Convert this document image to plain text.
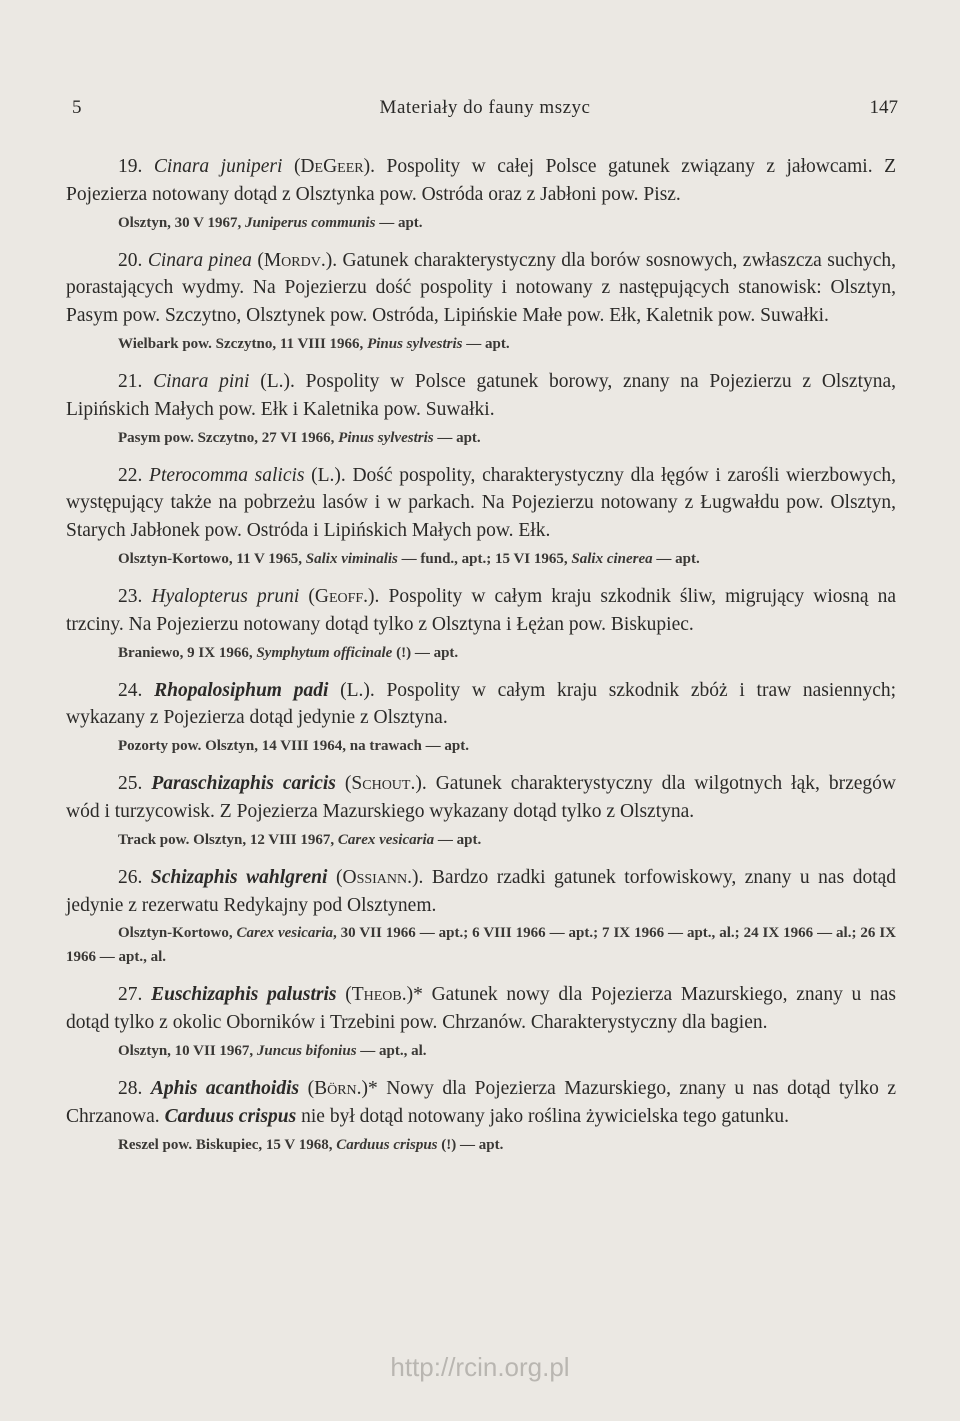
5	Materiały do fauny mszyc	147

19. Cinara juniperi (DeGeer). Pospolity w całej Polsce gatunek związany z jałowcami. Z Pojezierza notowany dotąd z Olsztynka pow. Ostróda oraz z Jabłoni pow. Pisz.

Olsztyn, 30 V 1967, Juniperus communis — apt.

20. Cinara pinea (Mordv.). Gatunek charakterystyczny dla borów sosnowych, zwłaszcza suchych, porastających wydmy. Na Pojezierzu dość pospolity i notowany z następujących stanowisk: Olsztyn, Pasym pow. Szczytno, Olsztynek pow. Ostróda, Lipińskie Małe pow. Ełk, Kaletnik pow. Suwałki.

Wielbark pow. Szczytno, 11 VIII 1966, Pinus sylvestris — apt.

21. Cinara pini (L.). Pospolity w Polsce gatunek borowy, znany na Pojezierzu z Olsztyna, Lipińskich Małych pow. Ełk i Kaletnika pow. Suwałki.

Pasym pow. Szczytno, 27 VI 1966, Pinus sylvestris — apt.

22. Pterocomma salicis (L.). Dość pospolity, charakterystyczny dla łęgów i zarośli wierzbowych, występujący także na pobrzeżu lasów i w parkach. Na Pojezierzu notowany z Ługwałdu pow. Olsztyn, Starych Jabłonek pow. Ostróda i Lipińskich Małych pow. Ełk.

Olsztyn-Kortowo, 11 V 1965, Salix viminalis — fund., apt.; 15 VI 1965, Salix cinerea — apt.

23. Hyalopterus pruni (Geoff.). Pospolity w całym kraju szkodnik śliw, migrujący wiosną na trzciny. Na Pojezierzu notowany dotąd tylko z Olsztyna i Łężan pow. Biskupiec.

Braniewo, 9 IX 1966, Symphytum officinale (!) — apt.

24. Rhopalosiphum padi (L.). Pospolity w całym kraju szkodnik zbóż i traw nasiennych; wykazany z Pojezierza dotąd jedynie z Olsztyna.

Pozorty pow. Olsztyn, 14 VIII 1964, na trawach — apt.

25. Paraschizaphis caricis (Schout.). Gatunek charakterystyczny dla wilgotnych łąk, brzegów wód i turzycowisk. Z Pojezierza Mazurskiego wykazany dotąd tylko z Olsztyna.

Track pow. Olsztyn, 12 VIII 1967, Carex vesicaria — apt.

26. Schizaphis wahlgreni (Ossiann.). Bardzo rzadki gatunek torfowiskowy, znany u nas dotąd jedynie z rezerwatu Redykajny pod Olsztynem.

Olsztyn-Kortowo, Carex vesicaria, 30 VII 1966 — apt.; 6 VIII 1966 — apt.; 7 IX 1966 — apt., al.; 24 IX 1966 — al.; 26 IX 1966 — apt., al.

27. Euschizaphis palustris (Theob.)* Gatunek nowy dla Pojezierza Mazurskiego, znany u nas dotąd tylko z okolic Oborników i Trzebini pow. Chrzanów. Charakterystyczny dla bagien.

Olsztyn, 10 VII 1967, Juncus bifonius — apt., al.

28. Aphis acanthoidis (Börn.)* Nowy dla Pojezierza Mazurskiego, znany u nas dotąd tylko z Chrzanowa. Carduus crispus nie był dotąd notowany jako roślina żywicielska tego gatunku.

Reszel pow. Biskupiec, 15 V 1968, Carduus crispus (!) — apt.

http://rcin.org.pl
